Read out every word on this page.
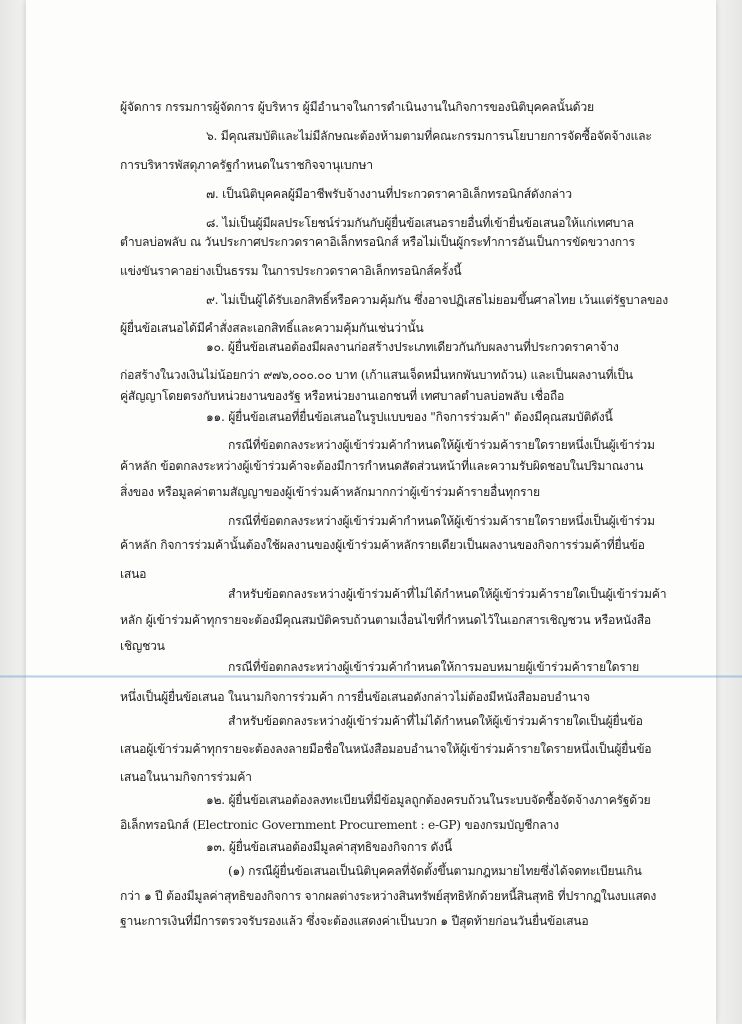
ผู้จัดการ กรรมการผู้จัดการ ผู้บริหาร ผู้มีอำนาจในการดำเนินงานในกิจการของนิติบุคคลนั้นด้วย
๖. มีคุณสมบัติและไม่มีลักษณะต้องห้ามตามที่คณะกรรมการนโยบายการจัดซื้อจัดจ้างและ
การบริหารพัสดุภาครัฐกำหนดในราชกิจจานุเบกษา
๗. เป็นนิติบุคคลผู้มีอาชีพรับจ้างงานที่ประกวดราคาอิเล็กทรอนิกส์ดังกล่าว
๘. ไม่เป็นผู้มีผลประโยชน์ร่วมกันกับผู้ยื่นข้อเสนอรายอื่นที่เข้ายื่นข้อเสนอให้แก่เทศบาล
ตำบลบ่อพลับ ณ วันประกาศประกวดราคาอิเล็กทรอนิกส์ หรือไม่เป็นผู้กระทำการอันเป็นการขัดขวางการ
แข่งขันราคาอย่างเป็นธรรม ในการประกวดราคาอิเล็กทรอนิกส์ครั้งนี้
๙. ไม่เป็นผู้ได้รับเอกสิทธิ์หรือความคุ้มกัน ซึ่งอาจปฏิเสธไม่ยอมขึ้นศาลไทย เว้นแต่รัฐบาลของ
ผู้ยื่นข้อเสนอได้มีคำสั่งสละเอกสิทธิ์และความคุ้มกันเช่นว่านั้น
๑๐. ผู้ยื่นข้อเสนอต้องมีผลงานก่อสร้างประเภทเดียวกันกับผลงานที่ประกวดราคาจ้าง
ก่อสร้างในวงเงินไม่น้อยกว่า ๙๗๖,๐๐๐.๐๐ บาท (เก้าแสนเจ็ดหมื่นหกพันบาทถ้วน) และเป็นผลงานที่เป็น
คู่สัญญาโดยตรงกับหน่วยงานของรัฐ หรือหน่วยงานเอกชนที่ เทศบาลตำบลบ่อพลับ เชื่อถือ
๑๑. ผู้ยื่นข้อเสนอที่ยื่นข้อเสนอในรูปแบบของ "กิจการร่วมค้า" ต้องมีคุณสมบัติดังนี้
กรณีที่ข้อตกลงระหว่างผู้เข้าร่วมค้ากำหนดให้ผู้เข้าร่วมค้ารายใดรายหนึ่งเป็นผู้เข้าร่วม
ค้าหลัก ข้อตกลงระหว่างผู้เข้าร่วมค้าจะต้องมีการกำหนดสัดส่วนหน้าที่และความรับผิดชอบในปริมาณงาน
สิ่งของ หรือมูลค่าตามสัญญาของผู้เข้าร่วมค้าหลักมากกว่าผู้เข้าร่วมค้ารายอื่นทุกราย
กรณีที่ข้อตกลงระหว่างผู้เข้าร่วมค้ากำหนดให้ผู้เข้าร่วมค้ารายใดรายหนึ่งเป็นผู้เข้าร่วม
ค้าหลัก กิจการร่วมค้านั้นต้องใช้ผลงานของผู้เข้าร่วมค้าหลักรายเดียวเป็นผลงานของกิจการร่วมค้าที่ยื่นข้อ
เสนอ
สำหรับข้อตกลงระหว่างผู้เข้าร่วมค้าที่ไม่ได้กำหนดให้ผู้เข้าร่วมค้ารายใดเป็นผู้เข้าร่วมค้า
หลัก ผู้เข้าร่วมค้าทุกรายจะต้องมีคุณสมบัติครบถ้วนตามเงื่อนไขที่กำหนดไว้ในเอกสารเชิญชวน หรือหนังสือ
เชิญชวน
กรณีที่ข้อตกลงระหว่างผู้เข้าร่วมค้ากำหนดให้การมอบหมายผู้เข้าร่วมค้ารายใดราย
หนึ่งเป็นผู้ยื่นข้อเสนอ ในนามกิจการร่วมค้า การยื่นข้อเสนอดังกล่าวไม่ต้องมีหนังสือมอบอำนาจ
สำหรับข้อตกลงระหว่างผู้เข้าร่วมค้าที่ไม่ได้กำหนดให้ผู้เข้าร่วมค้ารายใดเป็นผู้ยื่นข้อ
เสนอผู้เข้าร่วมค้าทุกรายจะต้องลงลายมือชื่อในหนังสือมอบอำนาจให้ผู้เข้าร่วมค้ารายใดรายหนึ่งเป็นผู้ยื่นข้อ
เสนอในนามกิจการร่วมค้า
๑๒. ผู้ยื่นข้อเสนอต้องลงทะเบียนที่มีข้อมูลถูกต้องครบถ้วนในระบบจัดซื้อจัดจ้างภาครัฐด้วย
อิเล็กทรอนิกส์ (Electronic Government Procurement : e-GP) ของกรมบัญชีกลาง
๑๓. ผู้ยื่นข้อเสนอต้องมีมูลค่าสุทธิของกิจการ ดังนี้
(๑) กรณีผู้ยื่นข้อเสนอเป็นนิติบุคคลที่จัดตั้งขึ้นตามกฎหมายไทยซึ่งได้จดทะเบียนเกิน
กว่า ๑ ปี ต้องมีมูลค่าสุทธิของกิจการ จากผลต่างระหว่างสินทรัพย์สุทธิหักด้วยหนี้สินสุทธิ ที่ปรากฏในงบแสดง
ฐานะการเงินที่มีการตรวจรับรองแล้ว ซึ่งจะต้องแสดงค่าเป็นบวก ๑ ปีสุดท้ายก่อนวันยื่นข้อเสนอ
